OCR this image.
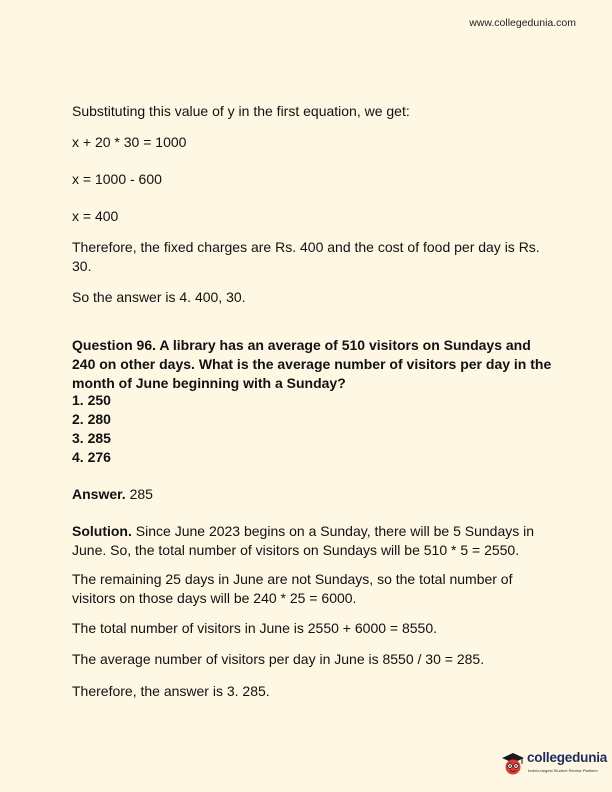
www.collegedunia.com
Substituting this value of y in the first equation, we get:
x + 20 * 30 = 1000
x = 1000 - 600
x = 400
Therefore, the fixed charges are Rs. 400 and the cost of food per day is Rs. 30.
So the answer is 4. 400, 30.
Question 96. A library has an average of 510 visitors on Sundays and 240 on other days. What is the average number of visitors per day in the month of June beginning with a Sunday?
1. 250
2. 280
3. 285
4. 276
Answer. 285
Solution. Since June 2023 begins on a Sunday, there will be 5 Sundays in June. So, the total number of visitors on Sundays will be 510 * 5 = 2550.
The remaining 25 days in June are not Sundays, so the total number of visitors on those days will be 240 * 25 = 6000.
The total number of visitors in June is 2550 + 6000 = 8550.
The average number of visitors per day in June is 8550 / 30 = 285.
Therefore, the answer is 3. 285.
collegedunia
India's largest Student Review Platform
